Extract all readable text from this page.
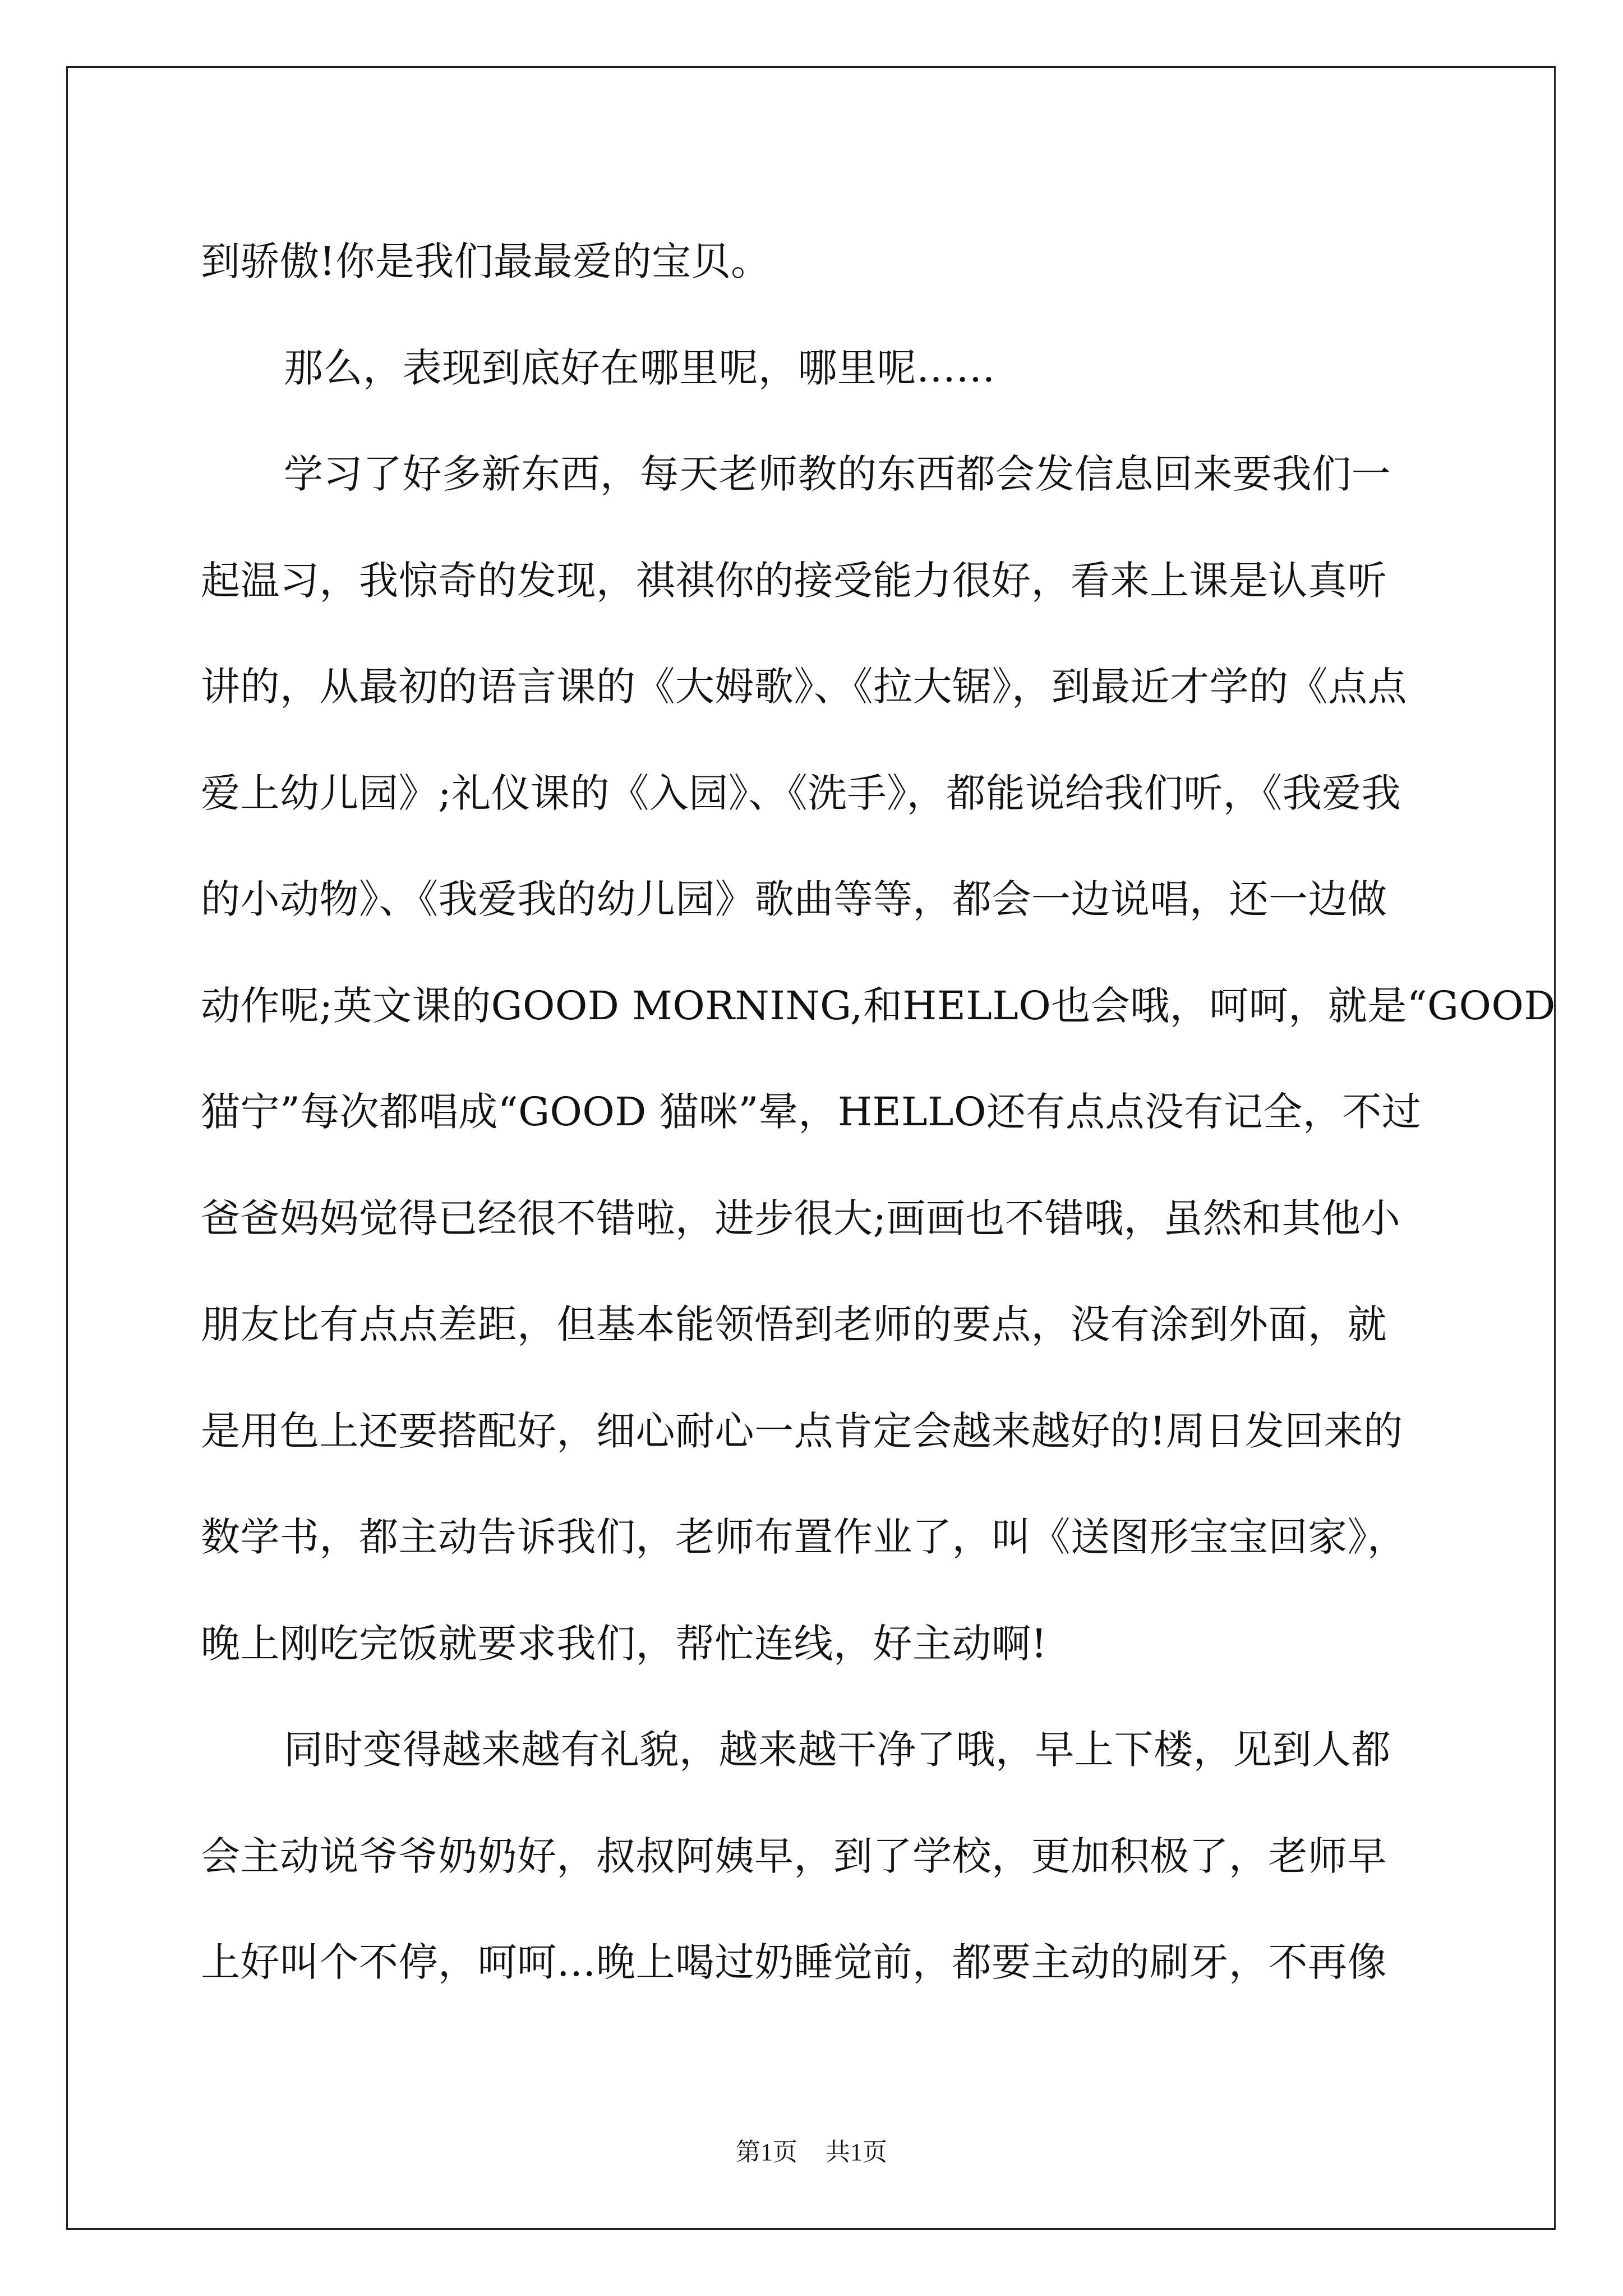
到骄傲!你是我们最最爱的宝贝。
那么，表现到底好在哪里呢，哪里呢……
学习了好多新东西，每天老师教的东西都会发信息回来要我们一
起温习，我惊奇的发现，祺祺你的接受能力很好，看来上课是认真听
讲的，从最初的语言课的《大姆歌》、《拉大锯》，到最近才学的《点点
爱上幼儿园》;礼仪课的《入园》、《洗手》，都能说给我们听，《我爱我
的小动物》、《我爱我的幼儿园》歌曲等等，都会一边说唱，还一边做
动作呢;英文课的GOOD MORNING,和HELLO也会哦，呵呵，就是“GOOD
猫宁”每次都唱成“GOOD 猫咪”晕，HELLO还有点点没有记全，不过
爸爸妈妈觉得已经很不错啦，进步很大;画画也不错哦，虽然和其他小
朋友比有点点差距，但基本能领悟到老师的要点，没有涂到外面，就
是用色上还要搭配好，细心耐心一点肯定会越来越好的!周日发回来的
数学书，都主动告诉我们，老师布置作业了，叫《送图形宝宝回家》，
晚上刚吃完饭就要求我们，帮忙连线，好主动啊!
同时变得越来越有礼貌，越来越干净了哦，早上下楼，见到人都
会主动说爷爷奶奶好，叔叔阿姨早，到了学校，更加积极了，老师早
上好叫个不停，呵呵…晚上喝过奶睡觉前，都要主动的刷牙，不再像
第1页 共1页
